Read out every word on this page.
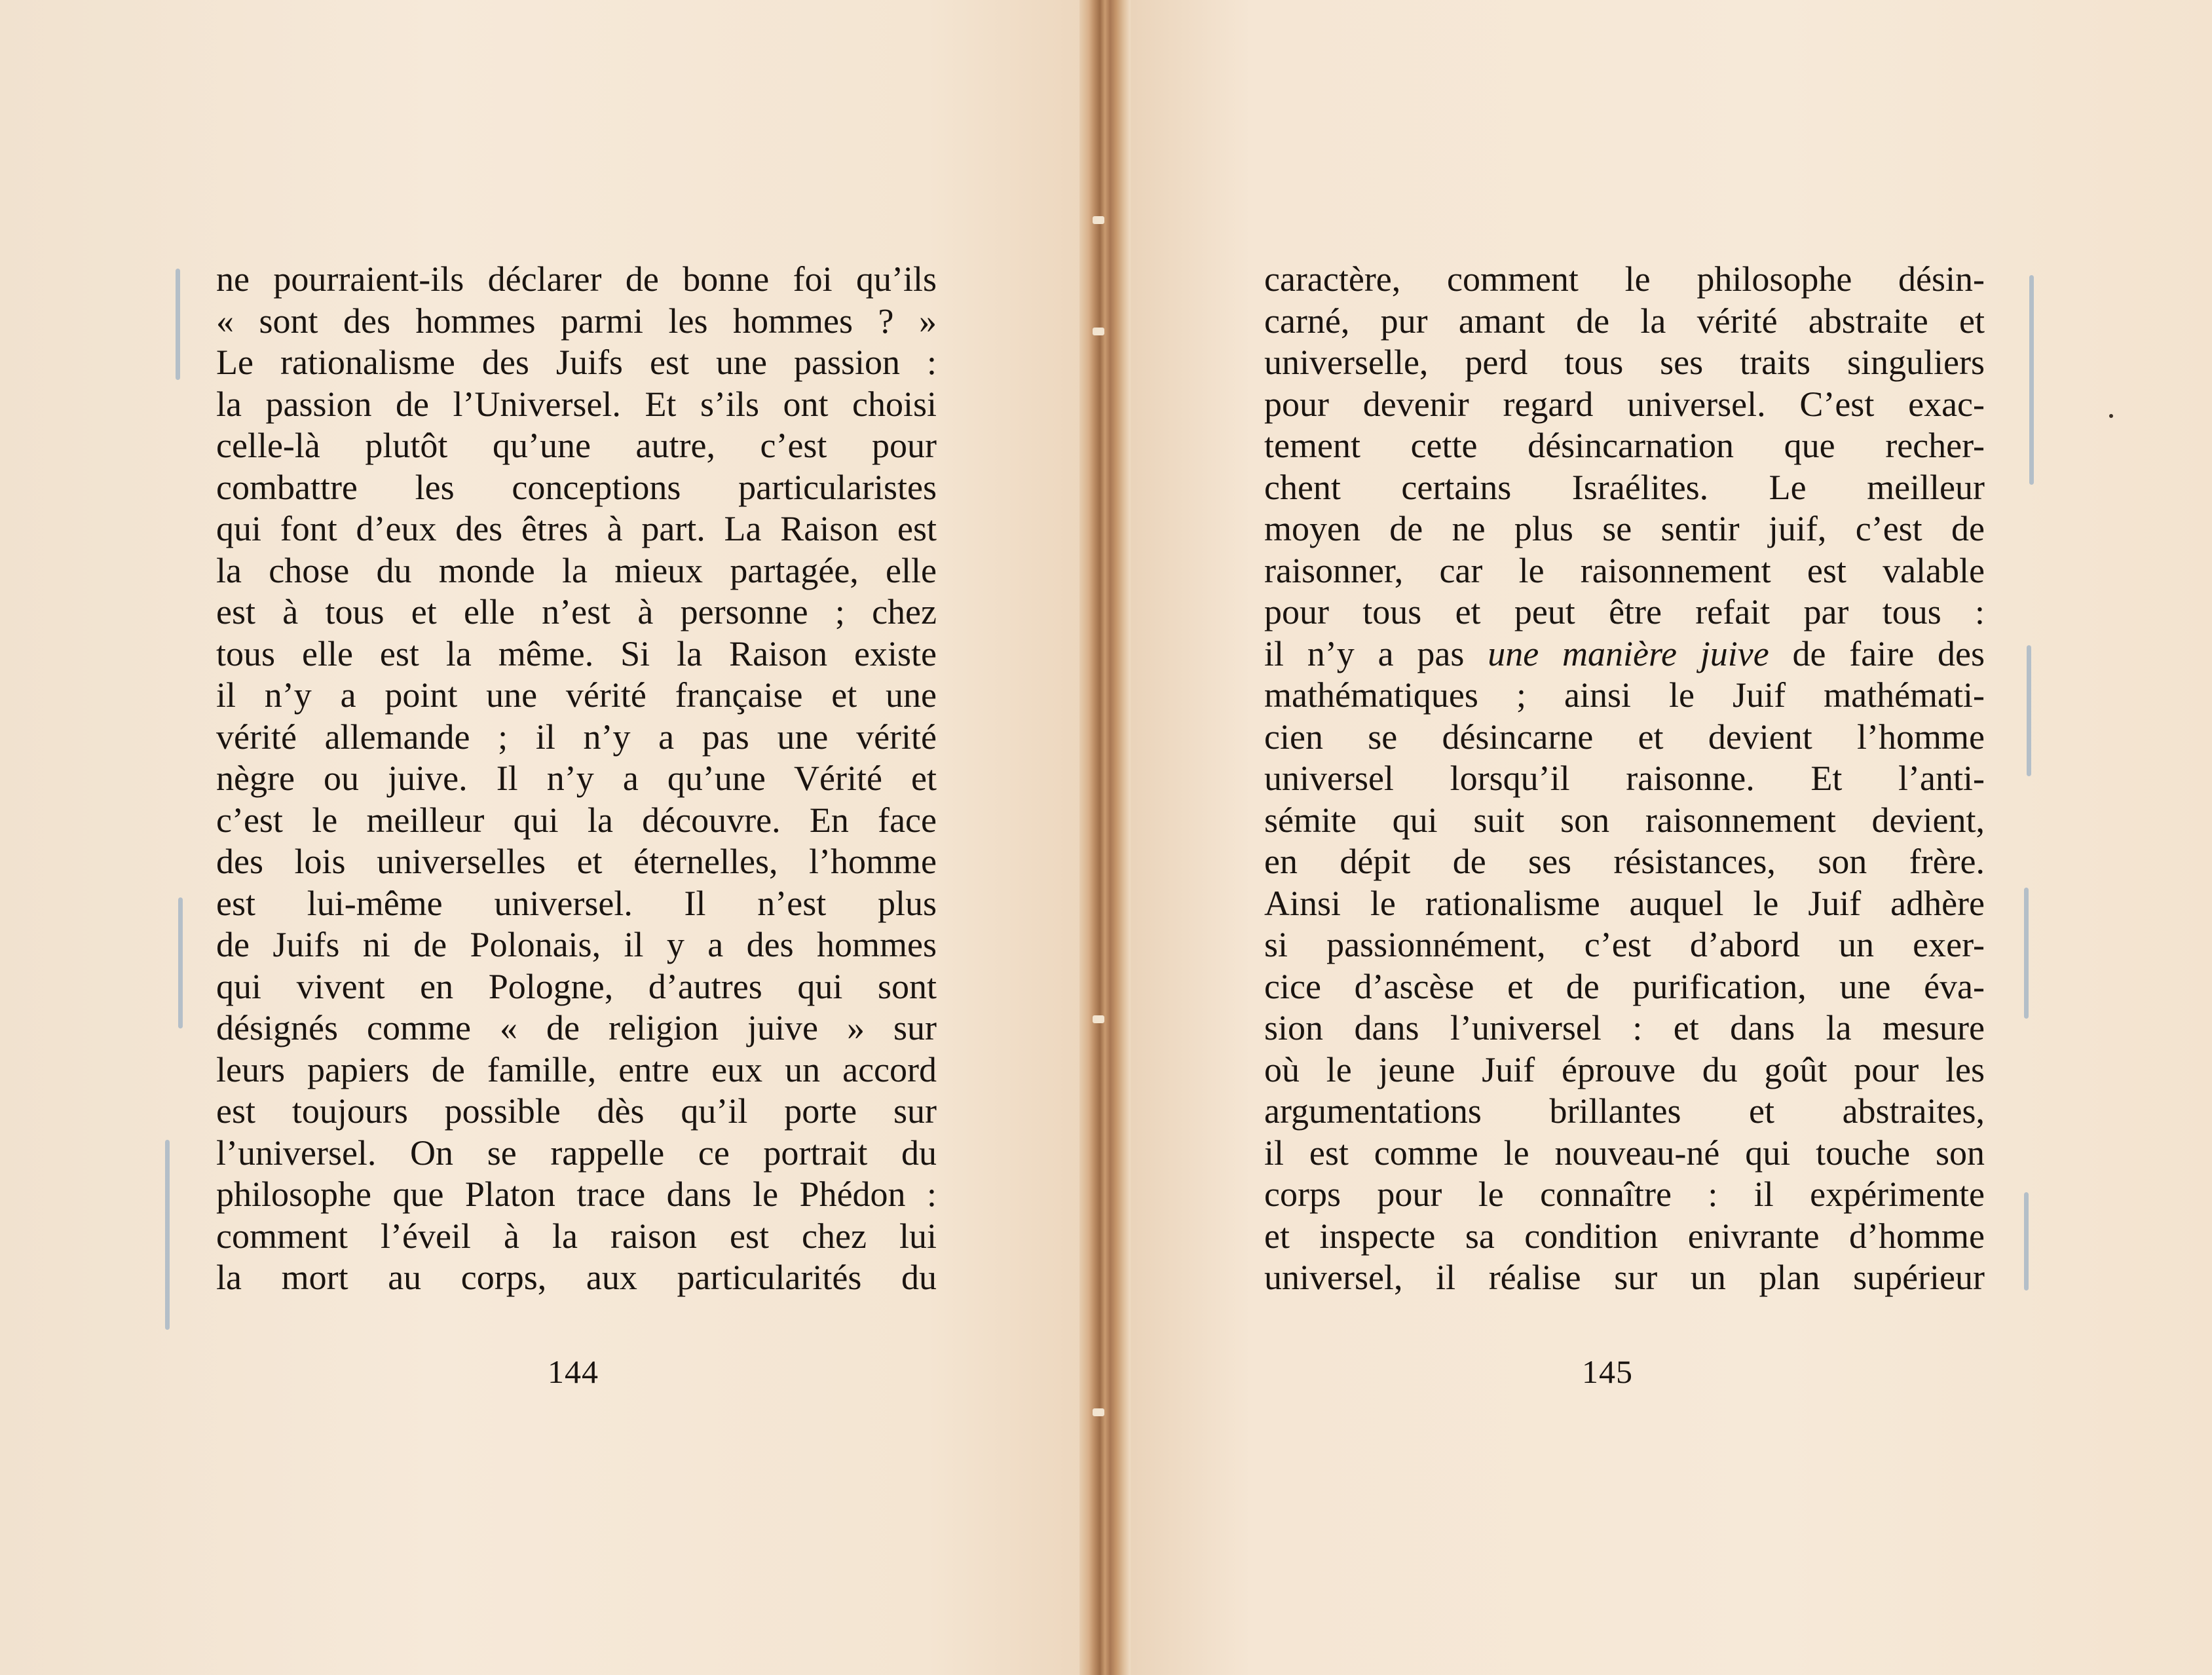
ne pourraient-ils déclarer de bonne foi qu’ils
« sont des hommes parmi les hommes ? »
Le rationalisme des Juifs est une passion :
la passion de l’Universel. Et s’ils ont choisi
celle-là plutôt qu’une autre, c’est pour
combattre les conceptions particularistes
qui font d’eux des êtres à part. La Raison est
la chose du monde la mieux partagée, elle
est à tous et elle n’est à personne ; chez
tous elle est la même. Si la Raison existe
il n’y a point une vérité française et une
vérité allemande ; il n’y a pas une vérité
nègre ou juive. Il n’y a qu’une Vérité et
c’est le meilleur qui la découvre. En face
des lois universelles et éternelles, l’homme
est lui-même universel. Il n’est plus
de Juifs ni de Polonais, il y a des hommes
qui vivent en Pologne, d’autres qui sont
désignés comme « de religion juive » sur
leurs papiers de famille, entre eux un accord
est toujours possible dès qu’il porte sur
l’universel. On se rappelle ce portrait du
philosophe que Platon trace dans le Phédon :
comment l’éveil à la raison est chez lui
la mort au corps, aux particularités du
144
caractère, comment le philosophe désin-
carné, pur amant de la vérité abstraite et
universelle, perd tous ses traits singuliers
pour devenir regard universel. C’est exac-
tement cette désincarnation que recher-
chent certains Israélites. Le meilleur
moyen de ne plus se sentir juif, c’est de
raisonner, car le raisonnement est valable
pour tous et peut être refait par tous :
il n’y a pas une manière juive de faire des
mathématiques ; ainsi le Juif mathémati-
cien se désincarne et devient l’homme
universel lorsqu’il raisonne. Et l’anti-
sémite qui suit son raisonnement devient,
en dépit de ses résistances, son frère.
Ainsi le rationalisme auquel le Juif adhère
si passionnément, c’est d’abord un exer-
cice d’ascèse et de purification, une éva-
sion dans l’universel : et dans la mesure
où le jeune Juif éprouve du goût pour les
argumentations brillantes et abstraites,
il est comme le nouveau-né qui touche son
corps pour le connaître : il expérimente
et inspecte sa condition enivrante d’homme
universel, il réalise sur un plan supérieur
145
